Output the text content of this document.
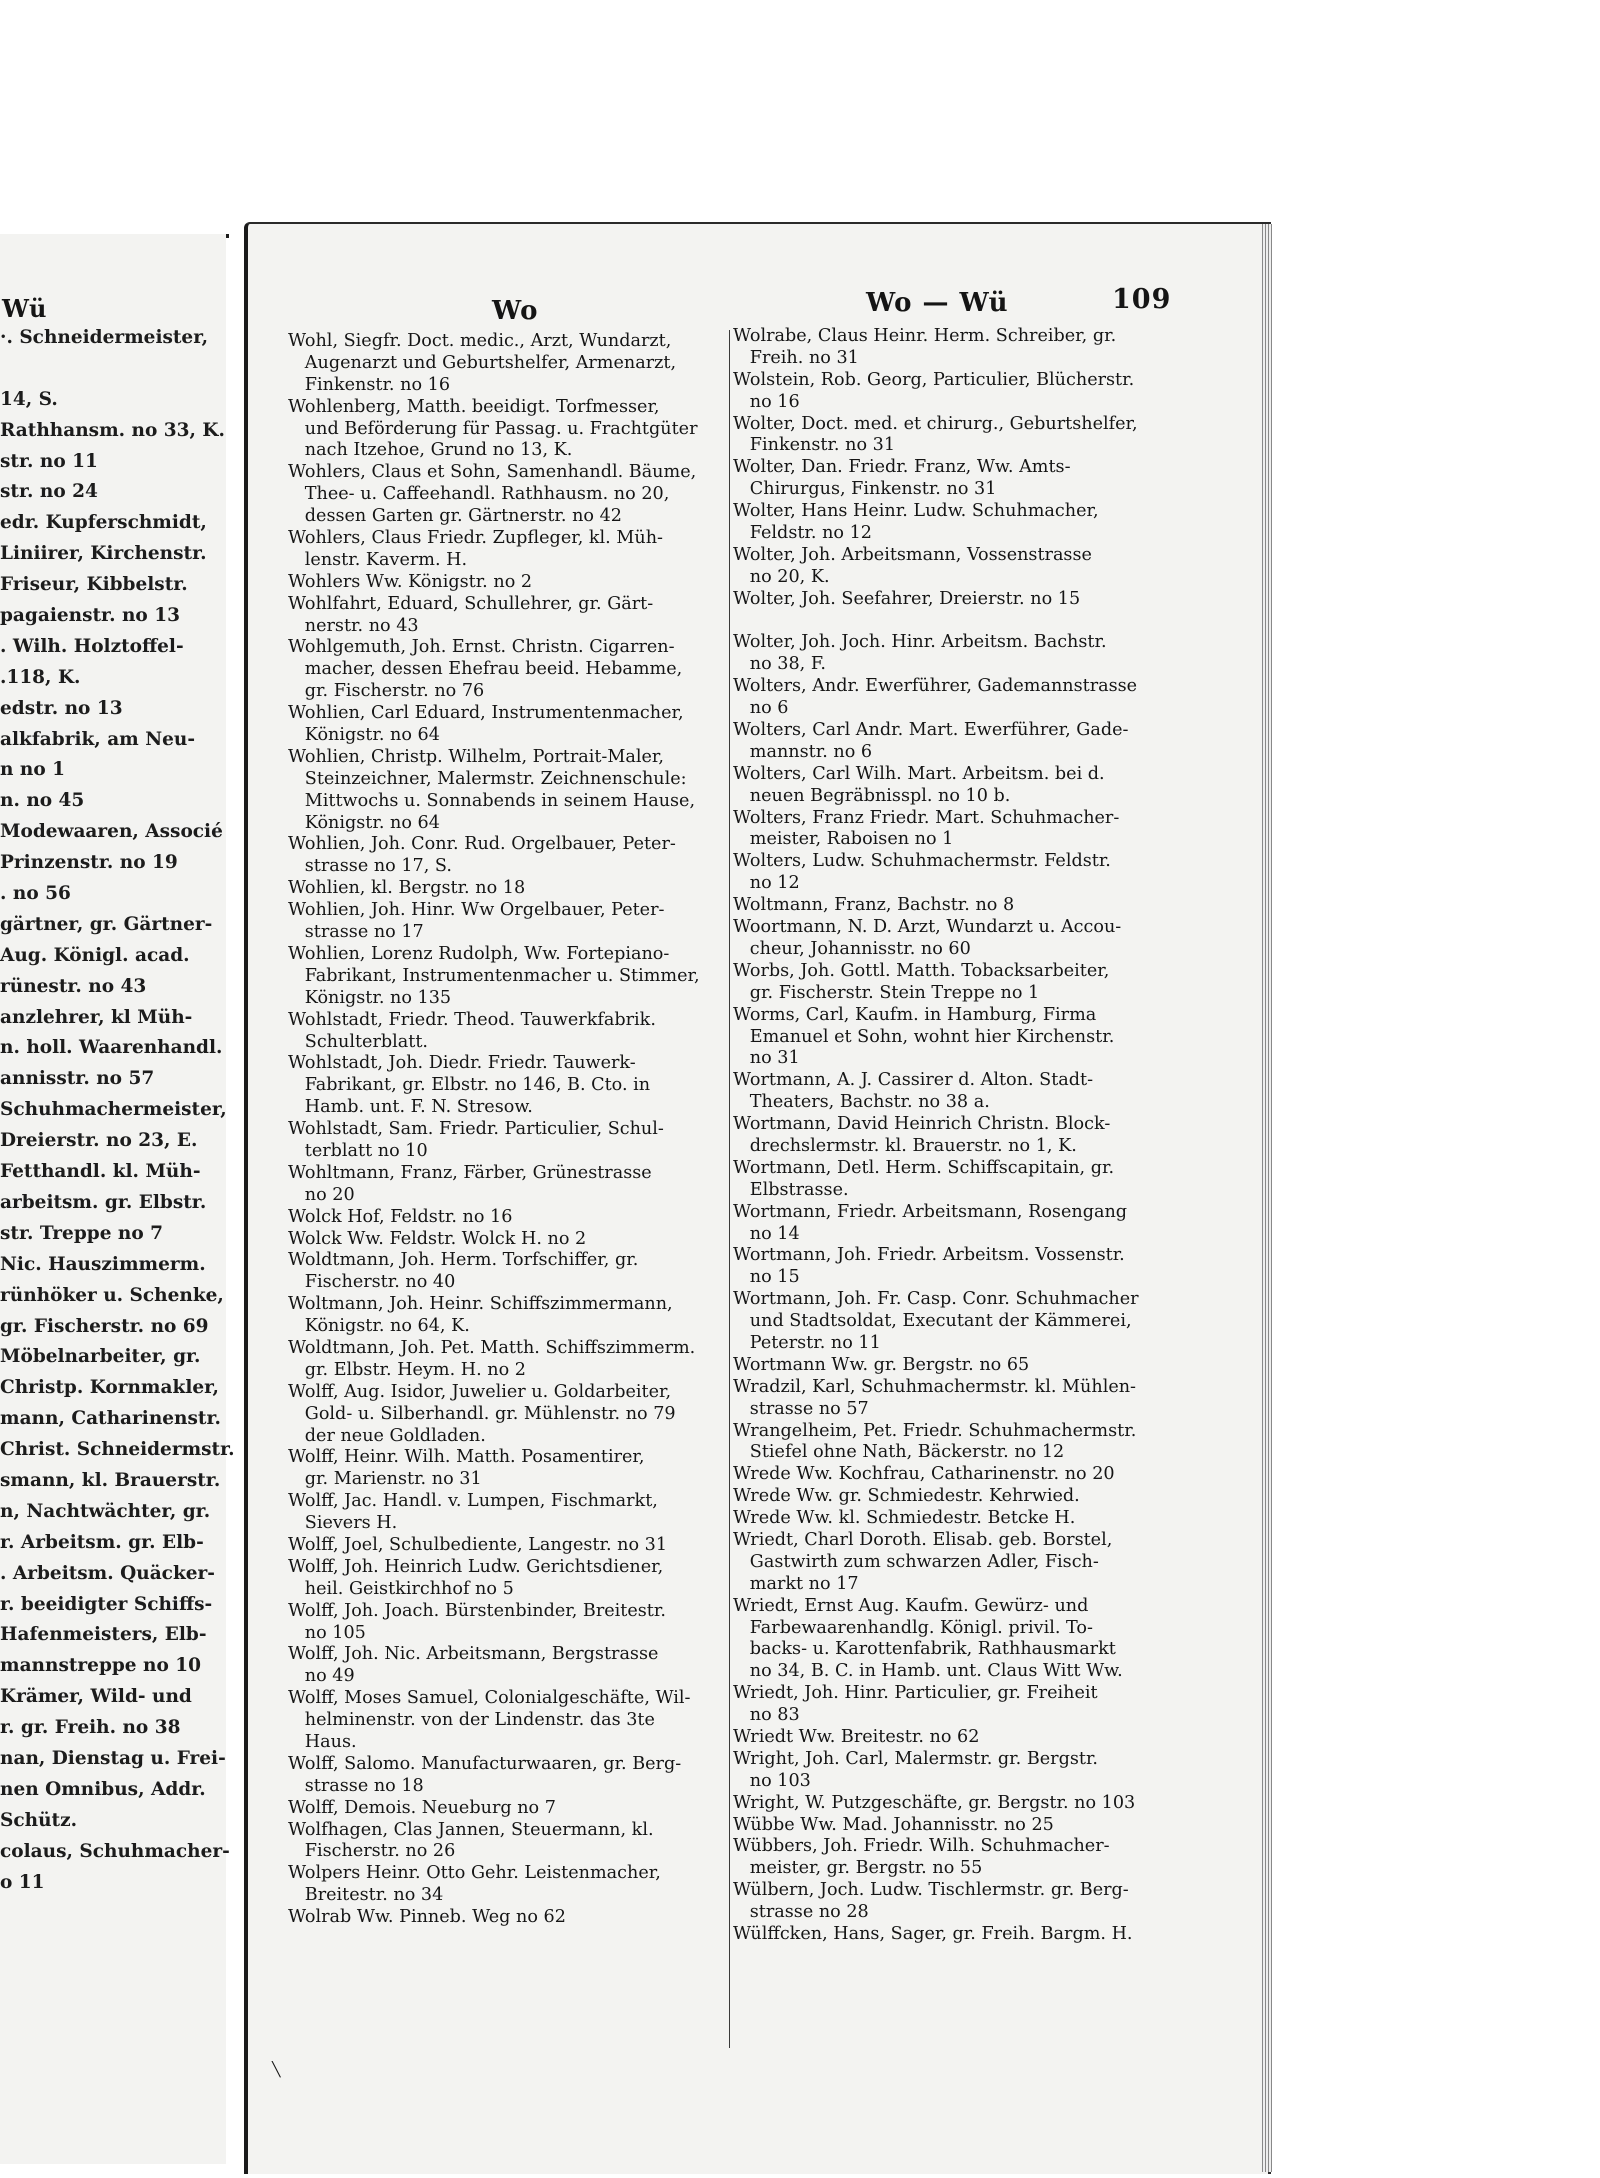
Wü	Wo	Wo — Wü	109
·. Schneidermeister,
14, S.
Rathhansm. no 33, K.
str. no 11
str. no 24
edr. Kupferschmidt,
Liniirer, Kirchenstr.
Friseur, Kibbelstr.
pagaienstr. no 13
. Wilh. Holztoffel-
.118, K.
edstr. no 13
alkfabrik, am Neu-
n no 1
n. no 45
Modewaaren, Associé
Prinzenstr. no 19
. no 56
gärtner, gr. Gärtner-
Aug. Königl. acad.
rünestr. no 43
anzlehrer, kl Müh-
n. holl. Waarenhandl.
annisstr. no 57
Schuhmachermeister,
Dreierstr. no 23, E.
Fetthandl. kl. Müh-
arbeitsm. gr. Elbstr.
str. Treppe no 7
Nic. Hauszimmerm.
rünhöker u. Schenke,
gr. Fischerstr. no 69
Möbelnarbeiter, gr.
Christp. Kornmakler,
mann, Catharinenstr.
Christ. Schneidermstr.
smann, kl. Brauerstr.
n, Nachtwächter, gr.
r. Arbeitsm. gr. Elb-
. Arbeitsm. Quäcker-
r. beeidigter Schiffs-
Hafenmeisters, Elb-
mannstreppe no 10
Krämer, Wild- und
r. gr. Freih. no 38
nan, Dienstag u. Frei-
nen Omnibus, Addr.
Schütz.
colaus, Schuhmacher-
o 11
Wohl, Siegfr. Doct. medic., Arzt, Wundarzt,
Augenarzt und Geburtshelfer, Armenarzt,
Finkenstr. no 16
Wohlenberg, Matth. beeidigt. Torfmesser,
und Beförderung für Passag. u. Frachtgüter
nach Itzehoe, Grund no 13, K.
Wohlers, Claus et Sohn, Samenhandl. Bäume,
Thee- u. Caffeehandl. Rathhausm. no 20,
dessen Garten gr. Gärtnerstr. no 42
Wohlers, Claus Friedr. Zupfleger, kl. Müh-
lenstr. Kaverm. H.
Wohlers Ww. Königstr. no 2
Wohlfahrt, Eduard, Schullehrer, gr. Gärt-
nerstr. no 43
Wohlgemuth, Joh. Ernst. Christn. Cigarren-
macher, dessen Ehefrau beeid. Hebamme,
gr. Fischerstr. no 76
Wohlien, Carl Eduard, Instrumentenmacher,
Königstr. no 64
Wohlien, Christp. Wilhelm, Portrait-Maler,
Steinzeichner, Malermstr. Zeichnenschule:
Mittwochs u. Sonnabends in seinem Hause,
Königstr. no 64
Wohlien, Joh. Conr. Rud. Orgelbauer, Peter-
strasse no 17, S.
Wohlien, kl. Bergstr. no 18
Wohlien, Joh. Hinr. Ww Orgelbauer, Peter-
strasse no 17
Wohlien, Lorenz Rudolph, Ww. Fortepiano-
Fabrikant, Instrumentenmacher u. Stimmer,
Königstr. no 135
Wohlstadt, Friedr. Theod. Tauwerkfabrik.
Schulterblatt.
Wohlstadt, Joh. Diedr. Friedr. Tauwerk-
Fabrikant, gr. Elbstr. no 146, B. Cto. in
Hamb. unt. F. N. Stresow.
Wohlstadt, Sam. Friedr. Particulier, Schul-
terblatt no 10
Wohltmann, Franz, Färber, Grünestrasse
no 20
Wolck Hof, Feldstr. no 16
Wolck Ww. Feldstr. Wolck H. no 2
Woldtmann, Joh. Herm. Torfschiffer, gr.
Fischerstr. no 40
Woltmann, Joh. Heinr. Schiffszimmermann,
Königstr. no 64, K.
Woldtmann, Joh. Pet. Matth. Schiffszimmerm.
gr. Elbstr. Heym. H. no 2
Wolff, Aug. Isidor, Juwelier u. Goldarbeiter,
Gold- u. Silberhandl. gr. Mühlenstr. no 79
der neue Goldladen.
Wolff, Heinr. Wilh. Matth. Posamentirer,
gr. Marienstr. no 31
Wolff, Jac. Handl. v. Lumpen, Fischmarkt,
Sievers H.
Wolff, Joel, Schulbediente, Langestr. no 31
Wolff, Joh. Heinrich Ludw. Gerichtsdiener,
heil. Geistkirchhof no 5
Wolff, Joh. Joach. Bürstenbinder, Breitestr.
no 105
Wolff, Joh. Nic. Arbeitsmann, Bergstrasse
no 49
Wolff, Moses Samuel, Colonialgeschäfte, Wil-
helminenstr. von der Lindenstr. das 3te
Haus.
Wolff, Salomo. Manufacturwaaren, gr. Berg-
strasse no 18
Wolff, Demois. Neueburg no 7
Wolfhagen, Clas Jannen, Steuermann, kl.
Fischerstr. no 26
Wolpers Heinr. Otto Gehr. Leistenmacher,
Breitestr. no 34
Wolrab Ww. Pinneb. Weg no 62
Wolrabe, Claus Heinr. Herm. Schreiber, gr.
Freih. no 31
Wolstein, Rob. Georg, Particulier, Blücherstr.
no 16
Wolter, Doct. med. et chirurg., Geburtshelfer,
Finkenstr. no 31
Wolter, Dan. Friedr. Franz, Ww. Amts-
Chirurgus, Finkenstr. no 31
Wolter, Hans Heinr. Ludw. Schuhmacher,
Feldstr. no 12
Wolter, Joh. Arbeitsmann, Vossenstrasse
no 20, K.
Wolter, Joh. Seefahrer, Dreierstr. no 15
Wolter, Joh. Joch. Hinr. Arbeitsm. Bachstr.
no 38, F.
Wolters, Andr. Ewerführer, Gademannstrasse
no 6
Wolters, Carl Andr. Mart. Ewerführer, Gade-
mannstr. no 6
Wolters, Carl Wilh. Mart. Arbeitsm. bei d.
neuen Begräbnisspl. no 10 b.
Wolters, Franz Friedr. Mart. Schuhmacher-
meister, Raboisen no 1
Wolters, Ludw. Schuhmachermstr. Feldstr.
no 12
Woltmann, Franz, Bachstr. no 8
Woortmann, N. D. Arzt, Wundarzt u. Accou-
cheur, Johannisstr. no 60
Worbs, Joh. Gottl. Matth. Tobacksarbeiter,
gr. Fischerstr. Stein Treppe no 1
Worms, Carl, Kaufm. in Hamburg, Firma
Emanuel et Sohn, wohnt hier Kirchenstr.
no 31
Wortmann, A. J. Cassirer d. Alton. Stadt-
Theaters, Bachstr. no 38 a.
Wortmann, David Heinrich Christn. Block-
drechslermstr. kl. Brauerstr. no 1, K.
Wortmann, Detl. Herm. Schiffscapitain, gr.
Elbstrasse.
Wortmann, Friedr. Arbeitsmann, Rosengang
no 14
Wortmann, Joh. Friedr. Arbeitsm. Vossenstr.
no 15
Wortmann, Joh. Fr. Casp. Conr. Schuhmacher
und Stadtsoldat, Executant der Kämmerei,
Peterstr. no 11
Wortmann Ww. gr. Bergstr. no 65
Wradzil, Karl, Schuhmachermstr. kl. Mühlen-
strasse no 57
Wrangelheim, Pet. Friedr. Schuhmachermstr.
Stiefel ohne Nath, Bäckerstr. no 12
Wrede Ww. Kochfrau, Catharinenstr. no 20
Wrede Ww. gr. Schmiedestr. Kehrwied.
Wrede Ww. kl. Schmiedestr. Betcke H.
Wriedt, Charl Doroth. Elisab. geb. Borstel,
Gastwirth zum schwarzen Adler, Fisch-
markt no 17
Wriedt, Ernst Aug. Kaufm. Gewürz- und
Farbewaarenhandlg. Königl. privil. To-
backs- u. Karottenfabrik, Rathhausmarkt
no 34, B. C. in Hamb. unt. Claus Witt Ww.
Wriedt, Joh. Hinr. Particulier, gr. Freiheit
no 83
Wriedt Ww. Breitestr. no 62
Wright, Joh. Carl, Malermstr. gr. Bergstr.
no 103
Wright, W. Putzgeschäfte, gr. Bergstr. no 103
Wübbe Ww. Mad. Johannisstr. no 25
Wübbers, Joh. Friedr. Wilh. Schuhmacher-
meister, gr. Bergstr. no 55
Wülbern, Joch. Ludw. Tischlermstr. gr. Berg-
strasse no 28
Wülffcken, Hans, Sager, gr. Freih. Bargm. H.
╲
